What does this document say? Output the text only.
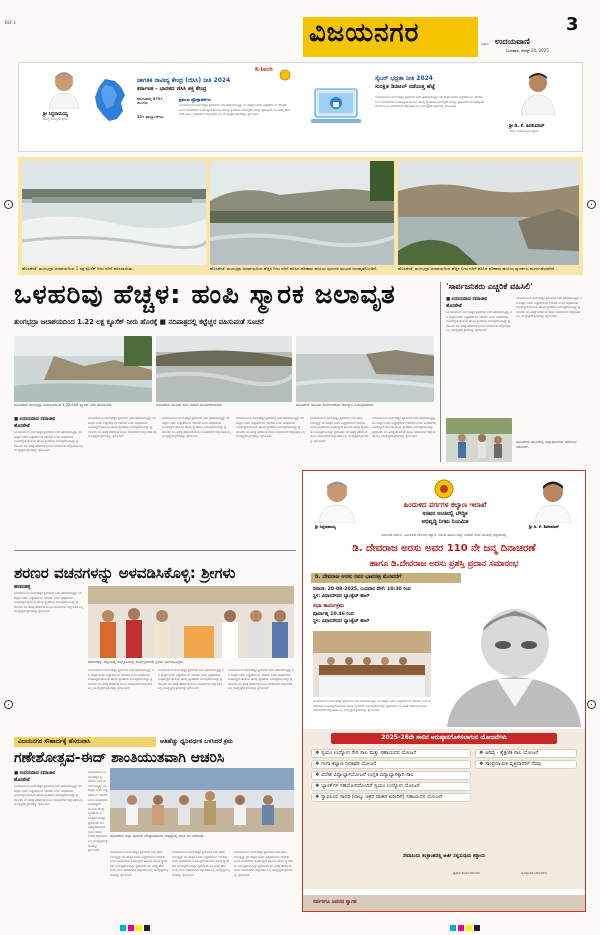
BLY 3	ವಿಜಯನಗರ	ಬಳ್ಳಾರಿ ಉದಯವಾಣಿ
3
ಬುಧವಾರ, ಆಗಸ್ಟ್ 20, 2025
ಶ್ರೀ ಸಿದ್ದರಾಮಯ್ಯ
ಮಾನ್ಯ ಮುಖ್ಯಮಂತ್ರಿಗಳು
K-tech
ಜಾಗತಿಕ ನಾವೀನ್ಯ ಕೇಂದ್ರ (ಜಿಸಿಸಿ) ನೀತಿ 2024
ಕರ್ನಾಟಕ - ಭಾರತದ ಜಿಸಿಸಿ ಶಕ್ತಿ ಕೇಂದ್ರ
ಕರ್ನಾಟಕದಲ್ಲಿ 875+ ಜಿಸಿಸಿಗಳು
35+ ಫಾರ್ಚ್ಯೂನ್‌ಗಳು
ಪ್ರಮುಖ ಪ್ರೋತ್ಸಾಹಕಗಳು
ಜಲಾಶಯದಿಂದ ನದಿಗೆ ಹೆಚ್ಚಿನ ಪ್ರಮಾಣದ ನೀರು ಹರಿಸಲಾಗುತ್ತಿದ್ದು ನದಿ ಪಾತ್ರದ ಜನರು ಎಚ್ಚರಿಕೆಯಿಂದ ಇರಬೇಕು ಎಂದು ಅಧಿಕಾರಿಗಳು ಸೂಚಿಸಿದ್ದಾರೆ ಹಂಪಿಯ ಹಲವು ಸ್ಮಾರಕಗಳು ಜಲಾವೃತಗೊಂಡಿದ್ದು ಪ್ರವಾಸಿಗರು ನದಿ ತೀರಕ್ಕೆ ತೆರಳದಂತೆ ಮನವಿ ಮಾಡಲಾಗಿದೆ ಜಿಲ್ಲಾಡಳಿತ ಎಲ್ಲ ಮುನ್ನೆಚ್ಚರಿಕೆ ಕ್ರಮಗಳನ್ನು ಕೈಗೊಂಡಿದೆ
ಸೈಬರ್ ಭದ್ರತಾ ನೀತಿ 2024
ಸುರಕ್ಷಿತ ಡಿಜಿಟಲ್ ನಡೆಯತ್ತ ಹೆಜ್ಜೆ
ಜಲಾಶಯದಿಂದ ನದಿಗೆ ಹೆಚ್ಚಿನ ಪ್ರಮಾಣದ ನೀರು ಹರಿಸಲಾಗುತ್ತಿದ್ದು ನದಿ ಪಾತ್ರದ ಜನರು ಎಚ್ಚರಿಕೆಯಿಂದ ಇರಬೇಕು ಎಂದು ಅಧಿಕಾರಿಗಳು ಸೂಚಿಸಿದ್ದಾರೆ ಹಂಪಿಯ ಹಲವು ಸ್ಮಾರಕಗಳು ಜಲಾವೃತಗೊಂಡಿದ್ದು ಪ್ರವಾಸಿಗರು ನದಿ ತೀರಕ್ಕೆ ತೆರಳದಂತೆ ಮನವಿ ಮಾಡಲಾಗಿದೆ ಜಿಲ್ಲಾಡಳಿತ ಎಲ್ಲ ಮುನ್ನೆಚ್ಚರಿಕೆ ಕ್ರಮಗಳನ್ನು ಕೈಗೊಂಡಿದೆ
ಶ್ರೀ ಡಿ. ಕೆ. ಶಿವಕುಮಾರ್
ಮಾನ್ಯ ಉಪಮುಖ್ಯಮಂತ್ರಿಗಳು
ಹೊಸಪೇಟೆ: ತುಂಗಭದ್ರಾ ಜಲಾಶಯದಿಂದ 1 ಲಕ್ಷ ಕ್ಯೂಸೆಕ್ ನೀರು ನದಿಗೆ ಹರಿಸಲಾಯಿತು.	ಹೊಸಪೇಟೆ: ತುಂಗಭದ್ರಾ ಜಲಾಶಯದಿಂದ ಹೆಚ್ಚಿನ ನೀರು ನದಿಗೆ ಹರಿಸಿದ ಪರಿಣಾಮ ಹಂಪಿಯ ಪುರಂದರ ಮಂಟಪ ಜಲಾವೃತಗೊಂಡಿದೆ.	ಹೊಸಪೇಟೆ: ತುಂಗಭದ್ರಾ ಜಲಾಶಯದಿಂದ ಹೆಚ್ಚಿನ ನೀರು ನದಿಗೆ ಹರಿಸಿದ ಪರಿಣಾಮ ಹಂಪಿಯ ಸ್ಮಾರಕಗಳು ಮುಳುಗಡೆಯಾಗಿವೆ.
ಒಳಹರಿವು ಹೆಚ್ಚಳ: ಹಂಪಿ ಸ್ಮಾರಕ ಜಲಾವೃತ
ತುಂಗಭದ್ರಾ ಜಲಾಶಯದಿಂದ 1.22 ಲಕ್ಷ ಕ್ಯೂಸೆಕ್ ನೀರು ಹೊರಕ್ಕೆ ■ ನದಿಪಾತ್ರದಲ್ಲಿ ಕಟ್ಟೆಚ್ಚರ ವಹಿಸುವಂತೆ ಸೂಚನೆ
ಹೊಸಪೇಟೆ: ತುಂಗಭದ್ರಾ ಜಲಾಶಯದಿಂದ 1,22,000 ಕ್ಯೂಸೆಕ್ ನೀರು ಹರಿಸಲಾಗಿದೆ.	ಹೊಸಪೇಟೆ: ಹಂಪಿಯ ಕಾಲು ಸೇತುವೆ ಮುಳುಗಡೆಯಾಗಿದೆ.	ಹೊಸಪೇಟೆ: ಹಂಪಿಯ ಕೋದಂಡರಾಮ ದೇವಸ್ಥಾನ ಜಲಾವೃತವಾಗಿದೆ.
■ ಉದಯವಾಣಿ ಸಮಾಚಾರ
ಹೊಸಪೇಟೆ
ಜಲಾಶಯದಿಂದ ನದಿಗೆ ಹೆಚ್ಚಿನ ಪ್ರಮಾಣದ ನೀರು ಹರಿಸಲಾಗುತ್ತಿದ್ದು ನದಿ ಪಾತ್ರದ ಜನರು ಎಚ್ಚರಿಕೆಯಿಂದ ಇರಬೇಕು ಎಂದು ಅಧಿಕಾರಿಗಳು ಸೂಚಿಸಿದ್ದಾರೆ ಹಂಪಿಯ ಹಲವು ಸ್ಮಾರಕಗಳು ಜಲಾವೃತಗೊಂಡಿದ್ದು ಪ್ರವಾಸಿಗರು ನದಿ ತೀರಕ್ಕೆ ತೆರಳದಂತೆ ಮನವಿ ಮಾಡಲಾಗಿದೆ ಜಿಲ್ಲಾಡಳಿತ ಎಲ್ಲ ಮುನ್ನೆಚ್ಚರಿಕೆ ಕ್ರಮಗಳನ್ನು ಕೈಗೊಂಡಿದೆ
ಜಲಾಶಯದಿಂದ ನದಿಗೆ ಹೆಚ್ಚಿನ ಪ್ರಮಾಣದ ನೀರು ಹರಿಸಲಾಗುತ್ತಿದ್ದು ನದಿ ಪಾತ್ರದ ಜನರು ಎಚ್ಚರಿಕೆಯಿಂದ ಇರಬೇಕು ಎಂದು ಅಧಿಕಾರಿಗಳು ಸೂಚಿಸಿದ್ದಾರೆ ಹಂಪಿಯ ಹಲವು ಸ್ಮಾರಕಗಳು ಜಲಾವೃತಗೊಂಡಿದ್ದು ಪ್ರವಾಸಿಗರು ನದಿ ತೀರಕ್ಕೆ ತೆರಳದಂತೆ ಮನವಿ ಮಾಡಲಾಗಿದೆ ಜಿಲ್ಲಾಡಳಿತ ಎಲ್ಲ ಮುನ್ನೆಚ್ಚರಿಕೆ ಕ್ರಮಗಳನ್ನು ಕೈಗೊಂಡಿದೆ
ಜಲಾಶಯದಿಂದ ನದಿಗೆ ಹೆಚ್ಚಿನ ಪ್ರಮಾಣದ ನೀರು ಹರಿಸಲಾಗುತ್ತಿದ್ದು ನದಿ ಪಾತ್ರದ ಜನರು ಎಚ್ಚರಿಕೆಯಿಂದ ಇರಬೇಕು ಎಂದು ಅಧಿಕಾರಿಗಳು ಸೂಚಿಸಿದ್ದಾರೆ ಹಂಪಿಯ ಹಲವು ಸ್ಮಾರಕಗಳು ಜಲಾವೃತಗೊಂಡಿದ್ದು ಪ್ರವಾಸಿಗರು ನದಿ ತೀರಕ್ಕೆ ತೆರಳದಂತೆ ಮನವಿ ಮಾಡಲಾಗಿದೆ ಜಿಲ್ಲಾಡಳಿತ ಎಲ್ಲ ಮುನ್ನೆಚ್ಚರಿಕೆ ಕ್ರಮಗಳನ್ನು ಕೈಗೊಂಡಿದೆ
ಜಲಾಶಯದಿಂದ ನದಿಗೆ ಹೆಚ್ಚಿನ ಪ್ರಮಾಣದ ನೀರು ಹರಿಸಲಾಗುತ್ತಿದ್ದು ನದಿ ಪಾತ್ರದ ಜನರು ಎಚ್ಚರಿಕೆಯಿಂದ ಇರಬೇಕು ಎಂದು ಅಧಿಕಾರಿಗಳು ಸೂಚಿಸಿದ್ದಾರೆ ಹಂಪಿಯ ಹಲವು ಸ್ಮಾರಕಗಳು ಜಲಾವೃತಗೊಂಡಿದ್ದು ಪ್ರವಾಸಿಗರು ನದಿ ತೀರಕ್ಕೆ ತೆರಳದಂತೆ ಮನವಿ ಮಾಡಲಾಗಿದೆ ಜಿಲ್ಲಾಡಳಿತ ಎಲ್ಲ ಮುನ್ನೆಚ್ಚರಿಕೆ ಕ್ರಮಗಳನ್ನು ಕೈಗೊಂಡಿದೆ
ಜಲಾಶಯದಿಂದ ನದಿಗೆ ಹೆಚ್ಚಿನ ಪ್ರಮಾಣದ ನೀರು ಹರಿಸಲಾಗುತ್ತಿದ್ದು ನದಿ ಪಾತ್ರದ ಜನರು ಎಚ್ಚರಿಕೆಯಿಂದ ಇರಬೇಕು ಎಂದು ಅಧಿಕಾರಿಗಳು ಸೂಚಿಸಿದ್ದಾರೆ ಹಂಪಿಯ ಹಲವು ಸ್ಮಾರಕಗಳು ಜಲಾವೃತಗೊಂಡಿದ್ದು ಪ್ರವಾಸಿಗರು ನದಿ ತೀರಕ್ಕೆ ತೆರಳದಂತೆ ಮನವಿ ಮಾಡಲಾಗಿದೆ ಜಿಲ್ಲಾಡಳಿತ ಎಲ್ಲ ಮುನ್ನೆಚ್ಚರಿಕೆ ಕ್ರಮಗಳನ್ನು ಕೈಗೊಂಡಿದೆ
ಜಲಾಶಯದಿಂದ ನದಿಗೆ ಹೆಚ್ಚಿನ ಪ್ರಮಾಣದ ನೀರು ಹರಿಸಲಾಗುತ್ತಿದ್ದು ನದಿ ಪಾತ್ರದ ಜನರು ಎಚ್ಚರಿಕೆಯಿಂದ ಇರಬೇಕು ಎಂದು ಅಧಿಕಾರಿಗಳು ಸೂಚಿಸಿದ್ದಾರೆ ಹಂಪಿಯ ಹಲವು ಸ್ಮಾರಕಗಳು ಜಲಾವೃತಗೊಂಡಿದ್ದು ಪ್ರವಾಸಿಗರು ನದಿ ತೀರಕ್ಕೆ ತೆರಳದಂತೆ ಮನವಿ ಮಾಡಲಾಗಿದೆ ಜಿಲ್ಲಾಡಳಿತ ಎಲ್ಲ ಮುನ್ನೆಚ್ಚರಿಕೆ ಕ್ರಮಗಳನ್ನು ಕೈಗೊಂಡಿದೆ
'ಸಾರ್ವಜನಿಕರು ಎಚ್ಚರಿಕೆ ವಹಿಸಿಲಿ'
■ ಉದಯವಾಣಿ ಸಮಾಚಾರ
ಹೊಸಪೇಟೆ
ಜಲಾಶಯದಿಂದ ನದಿಗೆ ಹೆಚ್ಚಿನ ಪ್ರಮಾಣದ ನೀರು ಹರಿಸಲಾಗುತ್ತಿದ್ದು ನದಿ ಪಾತ್ರದ ಜನರು ಎಚ್ಚರಿಕೆಯಿಂದ ಇರಬೇಕು ಎಂದು ಅಧಿಕಾರಿಗಳು ಸೂಚಿಸಿದ್ದಾರೆ ಹಂಪಿಯ ಹಲವು ಸ್ಮಾರಕಗಳು ಜಲಾವೃತಗೊಂಡಿದ್ದು ಪ್ರವಾಸಿಗರು ನದಿ ತೀರಕ್ಕೆ ತೆರಳದಂತೆ ಮನವಿ ಮಾಡಲಾಗಿದೆ ಜಿಲ್ಲಾಡಳಿತ ಎಲ್ಲ ಮುನ್ನೆಚ್ಚರಿಕೆ ಕ್ರಮಗಳನ್ನು ಕೈಗೊಂಡಿದೆ
ಜಲಾಶಯದಿಂದ ನದಿಗೆ ಹೆಚ್ಚಿನ ಪ್ರಮಾಣದ ನೀರು ಹರಿಸಲಾಗುತ್ತಿದ್ದು ನದಿ ಪಾತ್ರದ ಜನರು ಎಚ್ಚರಿಕೆಯಿಂದ ಇರಬೇಕು ಎಂದು ಅಧಿಕಾರಿಗಳು ಸೂಚಿಸಿದ್ದಾರೆ ಹಂಪಿಯ ಹಲವು ಸ್ಮಾರಕಗಳು ಜಲಾವೃತಗೊಂಡಿದ್ದು ಪ್ರವಾಸಿಗರು ನದಿ ತೀರಕ್ಕೆ ತೆರಳದಂತೆ ಮನವಿ ಮಾಡಲಾಗಿದೆ ಜಿಲ್ಲಾಡಳಿತ ಎಲ್ಲ ಮುನ್ನೆಚ್ಚರಿಕೆ ಕ್ರಮಗಳನ್ನು ಕೈಗೊಂಡಿದೆ
ಹೊಸಪೇಟೆ: ಹಂಪಿಯಲ್ಲಿ ಜಿಲ್ಲಾಧಿಕಾರಿಗಳು ಪರಿಶೀಲನೆ ನಡೆಸಿದರು.
ಶರಣರ ವಚನಗಳನ್ನು ಅಳವಡಿಸಿಕೊಳ್ಳಿ: ಶ್ರೀಗಳು
ಹರಪನಹಳ್ಳಿ
ಜಲಾಶಯದಿಂದ ನದಿಗೆ ಹೆಚ್ಚಿನ ಪ್ರಮಾಣದ ನೀರು ಹರಿಸಲಾಗುತ್ತಿದ್ದು ನದಿ ಪಾತ್ರದ ಜನರು ಎಚ್ಚರಿಕೆಯಿಂದ ಇರಬೇಕು ಎಂದು ಅಧಿಕಾರಿಗಳು ಸೂಚಿಸಿದ್ದಾರೆ ಹಂಪಿಯ ಹಲವು ಸ್ಮಾರಕಗಳು ಜಲಾವೃತಗೊಂಡಿದ್ದು ಪ್ರವಾಸಿಗರು ನದಿ ತೀರಕ್ಕೆ ತೆರಳದಂತೆ ಮನವಿ ಮಾಡಲಾಗಿದೆ ಜಿಲ್ಲಾಡಳಿತ ಎಲ್ಲ ಮುನ್ನೆಚ್ಚರಿಕೆ ಕ್ರಮಗಳನ್ನು ಕೈಗೊಂಡಿದೆ
ಹರಪನಹಳ್ಳಿ: ಪಟ್ಟಣದಲ್ಲಿ ಹಮ್ಮಿಕೊಂಡಿದ್ದ ಕಾರ್ಯಕ್ರಮದಲ್ಲಿ ಶ್ರೀಗಳು ಭಾಗವಹಿಸಿದ್ದರು.
ಜಲಾಶಯದಿಂದ ನದಿಗೆ ಹೆಚ್ಚಿನ ಪ್ರಮಾಣದ ನೀರು ಹರಿಸಲಾಗುತ್ತಿದ್ದು ನದಿ ಪಾತ್ರದ ಜನರು ಎಚ್ಚರಿಕೆಯಿಂದ ಇರಬೇಕು ಎಂದು ಅಧಿಕಾರಿಗಳು ಸೂಚಿಸಿದ್ದಾರೆ ಹಂಪಿಯ ಹಲವು ಸ್ಮಾರಕಗಳು ಜಲಾವೃತಗೊಂಡಿದ್ದು ಪ್ರವಾಸಿಗರು ನದಿ ತೀರಕ್ಕೆ ತೆರಳದಂತೆ ಮನವಿ ಮಾಡಲಾಗಿದೆ ಜಿಲ್ಲಾಡಳಿತ ಎಲ್ಲ ಮುನ್ನೆಚ್ಚರಿಕೆ ಕ್ರಮಗಳನ್ನು ಕೈಗೊಂಡಿದೆ
ಜಲಾಶಯದಿಂದ ನದಿಗೆ ಹೆಚ್ಚಿನ ಪ್ರಮಾಣದ ನೀರು ಹರಿಸಲಾಗುತ್ತಿದ್ದು ನದಿ ಪಾತ್ರದ ಜನರು ಎಚ್ಚರಿಕೆಯಿಂದ ಇರಬೇಕು ಎಂದು ಅಧಿಕಾರಿಗಳು ಸೂಚಿಸಿದ್ದಾರೆ ಹಂಪಿಯ ಹಲವು ಸ್ಮಾರಕಗಳು ಜಲಾವೃತಗೊಂಡಿದ್ದು ಪ್ರವಾಸಿಗರು ನದಿ ತೀರಕ್ಕೆ ತೆರಳದಂತೆ ಮನವಿ ಮಾಡಲಾಗಿದೆ ಜಿಲ್ಲಾಡಳಿತ ಎಲ್ಲ ಮುನ್ನೆಚ್ಚರಿಕೆ ಕ್ರಮಗಳನ್ನು ಕೈಗೊಂಡಿದೆ
ಜಲಾಶಯದಿಂದ ನದಿಗೆ ಹೆಚ್ಚಿನ ಪ್ರಮಾಣದ ನೀರು ಹರಿಸಲಾಗುತ್ತಿದ್ದು ನದಿ ಪಾತ್ರದ ಜನರು ಎಚ್ಚರಿಕೆಯಿಂದ ಇರಬೇಕು ಎಂದು ಅಧಿಕಾರಿಗಳು ಸೂಚಿಸಿದ್ದಾರೆ ಹಂಪಿಯ ಹಲವು ಸ್ಮಾರಕಗಳು ಜಲಾವೃತಗೊಂಡಿದ್ದು ಪ್ರವಾಸಿಗರು ನದಿ ತೀರಕ್ಕೆ ತೆರಳದಂತೆ ಮನವಿ ಮಾಡಲಾಗಿದೆ ಜಿಲ್ಲಾಡಳಿತ ಎಲ್ಲ ಮುನ್ನೆಚ್ಚರಿಕೆ ಕ್ರಮಗಳನ್ನು ಕೈಗೊಂಡಿದೆ
ವಿಜಯನಗರ ಸೌಹಾರ್ದಕ್ಕೆ ಹೆಸರುವಾಸಿ	ಅತಿಹೆಚ್ಚು ಧ್ವನಿವರ್ಧಕ ಬಳಸಿದರೆ ಕ್ರಮ
ಗಣೇಶೋತ್ಸವ-ಈದ್ ಶಾಂತಿಯುತವಾಗಿ ಆಚರಿಸಿ
■ ಉದಯವಾಣಿ ಸಮಾಚಾರ
ಹೊಸಪೇಟೆ
ಜಲಾಶಯದಿಂದ ನದಿಗೆ ಹೆಚ್ಚಿನ ಪ್ರಮಾಣದ ನೀರು ಹರಿಸಲಾಗುತ್ತಿದ್ದು ನದಿ ಪಾತ್ರದ ಜನರು ಎಚ್ಚರಿಕೆಯಿಂದ ಇರಬೇಕು ಎಂದು ಅಧಿಕಾರಿಗಳು ಸೂಚಿಸಿದ್ದಾರೆ ಹಂಪಿಯ ಹಲವು ಸ್ಮಾರಕಗಳು ಜಲಾವೃತಗೊಂಡಿದ್ದು ಪ್ರವಾಸಿಗರು ನದಿ ತೀರಕ್ಕೆ ತೆರಳದಂತೆ ಮನವಿ ಮಾಡಲಾಗಿದೆ ಜಿಲ್ಲಾಡಳಿತ ಎಲ್ಲ ಮುನ್ನೆಚ್ಚರಿಕೆ ಕ್ರಮಗಳನ್ನು ಕೈಗೊಂಡಿದೆ
ಜಲಾಶಯದಿಂದ ನದಿಗೆ ಹೆಚ್ಚಿನ ಪ್ರಮಾಣದ ನೀರು ಹರಿಸಲಾಗುತ್ತಿದ್ದು ನದಿ ಪಾತ್ರದ ಜನರು ಎಚ್ಚರಿಕೆಯಿಂದ ಇರಬೇಕು ಎಂದು ಅಧಿಕಾರಿಗಳು ಸೂಚಿಸಿದ್ದಾರೆ ಹಂಪಿಯ ಹಲವು ಸ್ಮಾರಕಗಳು ಜಲಾವೃತಗೊಂಡಿದ್ದು ಪ್ರವಾಸಿಗರು ನದಿ ತೀರಕ್ಕೆ ತೆರಳದಂತೆ ಮನವಿ ಮಾಡಲಾಗಿದೆ ಜಿಲ್ಲಾಡಳಿತ ಎಲ್ಲ ಮುನ್ನೆಚ್ಚರಿಕೆ ಕ್ರಮಗಳನ್ನು ಕೈಗೊಂಡಿದೆ
ಹೊಸಪೇಟೆ: ಜಿಲ್ಲಾ ಪೊಲೀಸ್ ವರಿಷ್ಠಾಧಿಕಾರಿಗಳ ನೇತೃತ್ವದಲ್ಲಿ ಶಾಂತಿ ಸಭೆ ನಡೆಯಿತು.
ಜಲಾಶಯದಿಂದ ನದಿಗೆ ಹೆಚ್ಚಿನ ಪ್ರಮಾಣದ ನೀರು ಹರಿಸಲಾಗುತ್ತಿದ್ದು ನದಿ ಪಾತ್ರದ ಜನರು ಎಚ್ಚರಿಕೆಯಿಂದ ಇರಬೇಕು ಎಂದು ಅಧಿಕಾರಿಗಳು ಸೂಚಿಸಿದ್ದಾರೆ ಹಂಪಿಯ ಹಲವು ಸ್ಮಾರಕಗಳು ಜಲಾವೃತಗೊಂಡಿದ್ದು ಪ್ರವಾಸಿಗರು ನದಿ ತೀರಕ್ಕೆ ತೆರಳದಂತೆ ಮನವಿ ಮಾಡಲಾಗಿದೆ ಜಿಲ್ಲಾಡಳಿತ ಎಲ್ಲ ಮುನ್ನೆಚ್ಚರಿಕೆ ಕ್ರಮಗಳನ್ನು ಕೈಗೊಂಡಿದೆ
ಜಲಾಶಯದಿಂದ ನದಿಗೆ ಹೆಚ್ಚಿನ ಪ್ರಮಾಣದ ನೀರು ಹರಿಸಲಾಗುತ್ತಿದ್ದು ನದಿ ಪಾತ್ರದ ಜನರು ಎಚ್ಚರಿಕೆಯಿಂದ ಇರಬೇಕು ಎಂದು ಅಧಿಕಾರಿಗಳು ಸೂಚಿಸಿದ್ದಾರೆ ಹಂಪಿಯ ಹಲವು ಸ್ಮಾರಕಗಳು ಜಲಾವೃತಗೊಂಡಿದ್ದು ಪ್ರವಾಸಿಗರು ನದಿ ತೀರಕ್ಕೆ ತೆರಳದಂತೆ ಮನವಿ ಮಾಡಲಾಗಿದೆ ಜಿಲ್ಲಾಡಳಿತ ಎಲ್ಲ ಮುನ್ನೆಚ್ಚರಿಕೆ ಕ್ರಮಗಳನ್ನು ಕೈಗೊಂಡಿದೆ
ಜಲಾಶಯದಿಂದ ನದಿಗೆ ಹೆಚ್ಚಿನ ಪ್ರಮಾಣದ ನೀರು ಹರಿಸಲಾಗುತ್ತಿದ್ದು ನದಿ ಪಾತ್ರದ ಜನರು ಎಚ್ಚರಿಕೆಯಿಂದ ಇರಬೇಕು ಎಂದು ಅಧಿಕಾರಿಗಳು ಸೂಚಿಸಿದ್ದಾರೆ ಹಂಪಿಯ ಹಲವು ಸ್ಮಾರಕಗಳು ಜಲಾವೃತಗೊಂಡಿದ್ದು ಪ್ರವಾಸಿಗರು ನದಿ ತೀರಕ್ಕೆ ತೆರಳದಂತೆ ಮನವಿ ಮಾಡಲಾಗಿದೆ ಜಿಲ್ಲಾಡಳಿತ ಎಲ್ಲ ಮುನ್ನೆಚ್ಚರಿಕೆ ಕ್ರಮಗಳನ್ನು ಕೈಗೊಂಡಿದೆ
ಶ್ರೀ ಸಿದ್ದರಾಮಯ್ಯ
ಹಿಂದುಳಿದ ವರ್ಗಗಳ ಕಲ್ಯಾಣ ಇಲಾಖೆ
ಸಚಿವರ ಅಂಚಿನಲ್ಲಿ ಬೌದ್ಧಿಕ
ಅಭಿವೃದ್ಧಿ ನಿಗಮ ನಿಯಮಿತ
ಶ್ರೀ ಡಿ. ಕೆ. ಶಿವಕುಮಾರ್
ಕರ್ನಾಟಕ ಸರ್ಕಾರ, ಹಿಂದುಳಿದ ವರ್ಗಗಳ ಕಲ್ಯಾಣ ಇಲಾಖೆ ಹಾಗೂ ಜಿಲ್ಲಾ ಆಡಳಿತ ಇವರ ಸಂಯುಕ್ತ ಆಶ್ರಯದಲ್ಲಿ
ಡಿ. ದೇವರಾಜ ಅರಸು ಅವರ 110 ನೇ ಜನ್ಮ ದಿನಾಚರಣೆ
ಹಾಗೂ ಡಿ.ದೇವರಾಜ ಅರಸು ಪ್ರಶಸ್ತಿ ಪ್ರದಾನ ಸಮಾರಂಭ
ಡಿ. ದೇವರಾಜ ಅರಸು ರವರ ಭಾವಚಿತ್ರ ಮೆರವಣಿಗೆ
ದಿನಾಂಕ: 20-08-2025, ಬುಧವಾರ ವೇಳೆ: 10:30 ರಿಂದ
ಸ್ಥಳ: ವಿಧಾನಸೌಧದ ಬ್ಯಾಂಕ್ವೆಟ್ ಹಾಲ್
ಸಭಾ ಕಾರ್ಯಕ್ರಮ
ಪೂರ್ವಾಹ್ನ 10.46 ರಿಂದ
ಸ್ಥಳ: ವಿಧಾನಸೌಧದ ಬ್ಯಾಂಕ್ವೆಟ್ ಹಾಲ್
ಜಲಾಶಯದಿಂದ ನದಿಗೆ ಹೆಚ್ಚಿನ ಪ್ರಮಾಣದ ನೀರು ಹರಿಸಲಾಗುತ್ತಿದ್ದು ನದಿ ಪಾತ್ರದ ಜನರು ಎಚ್ಚರಿಕೆಯಿಂದ ಇರಬೇಕು ಎಂದು ಅಧಿಕಾರಿಗಳು ಸೂಚಿಸಿದ್ದಾರೆ ಹಂಪಿಯ ಹಲವು ಸ್ಮಾರಕಗಳು ಜಲಾವೃತಗೊಂಡಿದ್ದು ಪ್ರವಾಸಿಗರು ನದಿ ತೀರಕ್ಕೆ ತೆರಳದಂತೆ ಮನವಿ ಮಾಡಲಾಗಿದೆ ಜಿಲ್ಲಾಡಳಿತ ಎಲ್ಲ ಮುನ್ನೆಚ್ಚರಿಕೆ ಕ್ರಮಗಳನ್ನು ಕೈಗೊಂಡಿದೆ
2025-26ನೇ ಸಾಲಿನ ಅನುಷ್ಠಾನಗೊಳಿಸಲಾಗುವ ಯೋಜನೆಗಳು
❖ ಸ್ವಯಂ ಉದ್ಯೋಗ ನೇರ ಸಾಲ ಮತ್ತು ಸಹಾಯಧನ ಯೋಜನೆ
❖ ಗಂಗಾ ಕಲ್ಯಾಣ ನೀರಾವರಿ ಯೋಜನೆ
❖ ವಿದೇಶ ವಿದ್ಯಾಭ್ಯಾಸಯೋಜನೆ ಉನ್ನತ ವಿದ್ಯಾಭ್ಯಾಸಕ್ಕಾಗಿ ಸಾಲ
❖ ಬ್ಯಾಂಕ್‌ಗಳ ಸಹಯೋಗದೊಂದಿಗೆ ಸ್ವಯಂ ಉದ್ಯೋಗ ಯೋಜನೆ
❖ ಸ್ವಾವಲಂಬಿ ಸಾರಥಿ (ನಾಲ್ಕು ಚಕ್ರದ ವಾಹನ ಖರೀದಿಗೆ) ಸಹಾಯಧನ ಯೋಜನೆ
❖ ಅರಿವು - ಶೈಕ್ಷಣಿಕ ಸಾಲ ಯೋಜನೆ
❖ ಸಾಂಪ್ರದಾಯಿಕ ವೃತ್ತಿದಾರರಿಗೆ ನೆರವು
ಸೇವಾಸಿಂಧು ತಂತ್ರಾಂಶದಲ್ಲಿ ಅರ್ಜಿ ಸಲ್ಲಿಸುವುದು ಕಡ್ಡಾಯ
ಪ್ರಧಾನ ಕಾರ್ಯದರ್ಶಿಗಳು	ವ್ಯವಸ್ಥಾಪಕ ನಿರ್ದೇಶಕರು
ಸರ್ವರಿಗೂ ಆದರದ ಸ್ವಾಗತ
